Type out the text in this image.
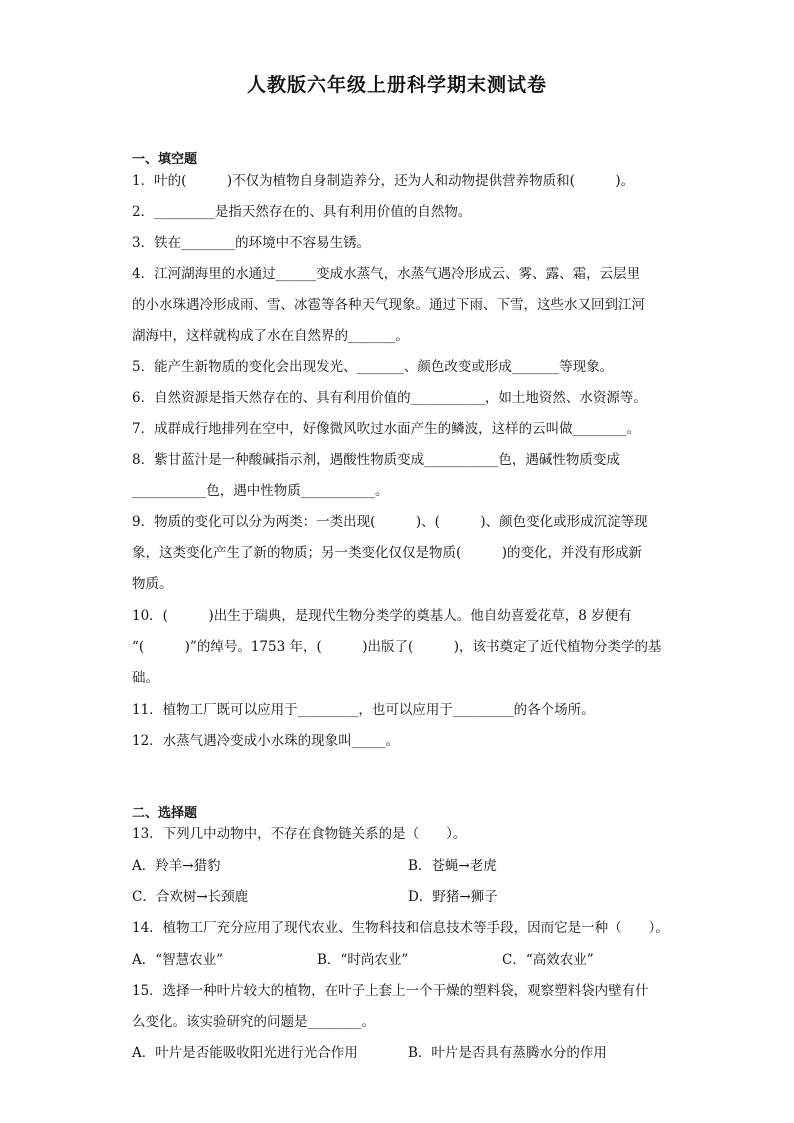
人教版六年级上册科学期末测试卷
一、填空题
1．叶的(　　　)不仅为植物自身制造养分，还为人和动物提供营养物质和(　　　)。
2．_________是指天然存在的、具有利用价值的自然物。
3．铁在________的环境中不容易生锈。
4．江河湖海里的水通过______变成水蒸气，水蒸气遇冷形成云、雾、露、霜，云层里
的小水珠遇冷形成雨、雪、冰雹等各种天气现象。通过下雨、下雪，这些水又回到江河
湖海中，这样就构成了水在自然界的_______。
5．能产生新物质的变化会出现发光、_______、颜色改变或形成_______等现象。
6．自然资源是指天然存在的、具有利用价值的___________，如土地资然、水资源等。
7．成群成行地排列在空中，好像微风吹过水面产生的鳞波，这样的云叫做________。
8．紫甘蓝汁是一种酸碱指示剂，遇酸性物质变成___________色，遇碱性物质变成
___________色，遇中性物质___________。
9．物质的变化可以分为两类：一类出现(　　　)、(　　　)、颜色变化或形成沉淀等现
象，这类变化产生了新的物质；另一类变化仅仅是物质(　　　)的变化，并没有形成新
物质。
10．(　　　)出生于瑞典，是现代生物分类学的奠基人。他自幼喜爱花草，8 岁便有
“(　　　)”的绰号。1753 年，(　　　)出版了(　　　)，该书奠定了近代植物分类学的基
础。
11．植物工厂既可以应用于_________，也可以应用于_________的各个场所。
12．水蒸气遇冷变成小水珠的现象叫_____。
二、选择题
13．下列几中动物中，不存在食物链关系的是（　　）。
A．羚羊→猎豹	B．苍蝇→老虎
C．合欢树→长颈鹿	D．野猪→狮子
14．植物工厂充分应用了现代农业、生物科技和信息技术等手段，因而它是一种（　　）。
A．“智慧农业”	B．“时尚农业”	C．“高效农业”
15．选择一种叶片较大的植物，在叶子上套上一个干燥的塑料袋，观察塑料袋内壁有什
么变化。该实验研究的问题是________。
A．叶片是否能吸收阳光进行光合作用	B．叶片是否具有蒸腾水分的作用
